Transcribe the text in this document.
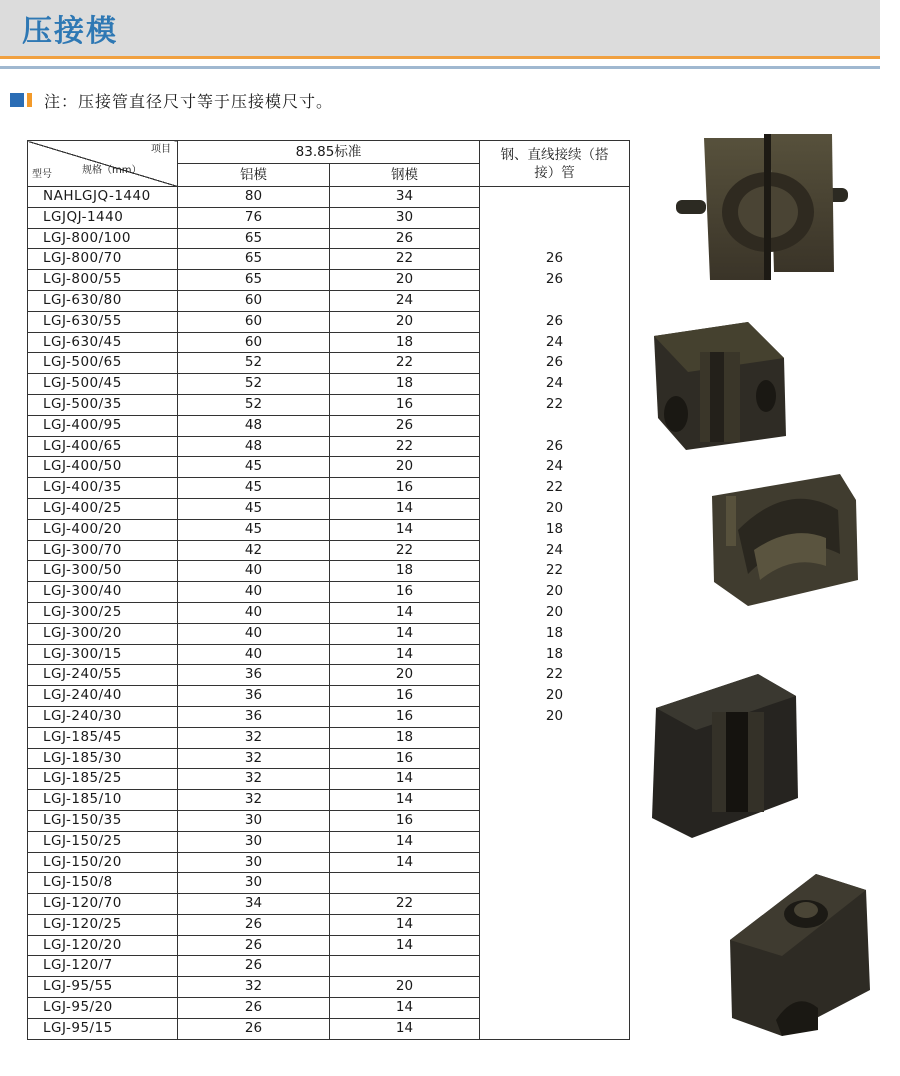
压接模
注：压接管直径尺寸等于压接模尺寸。
项目
规格（mm）
型号	83.85标准		钢、直线接续（搭接）管

	铝模	钢模	
NAHLGJQ-1440	80	34	
LGJQJ-1440	76	30	
LGJ-800/100	65	26	
LGJ-800/70	65	22	26
LGJ-800/55	65	20	26
LGJ-630/80	60	24	
LGJ-630/55	60	20	26
LGJ-630/45	60	18	24
LGJ-500/65	52	22	26
LGJ-500/45	52	18	24
LGJ-500/35	52	16	22
LGJ-400/95	48	26	
LGJ-400/65	48	22	26
LGJ-400/50	45	20	24
LGJ-400/35	45	16	22
LGJ-400/25	45	14	20
LGJ-400/20	45	14	18
LGJ-300/70	42	22	24
LGJ-300/50	40	18	22
LGJ-300/40	40	16	20
LGJ-300/25	40	14	20
LGJ-300/20	40	14	18
LGJ-300/15	40	14	18
LGJ-240/55	36	20	22
LGJ-240/40	36	16	20
LGJ-240/30	36	16	20
LGJ-185/45	32	18	
LGJ-185/30	32	16	
LGJ-185/25	32	14	
LGJ-185/10	32	14	
LGJ-150/35	30	16	
LGJ-150/25	30	14	
LGJ-150/20	30	14	
LGJ-150/8	30		
LGJ-120/70	34	22	
LGJ-120/25	26	14	
LGJ-120/20	26	14	
LGJ-120/7	26		
LGJ-95/55	32	20	
LGJ-95/20	26	14	
LGJ-95/15	26	14	
